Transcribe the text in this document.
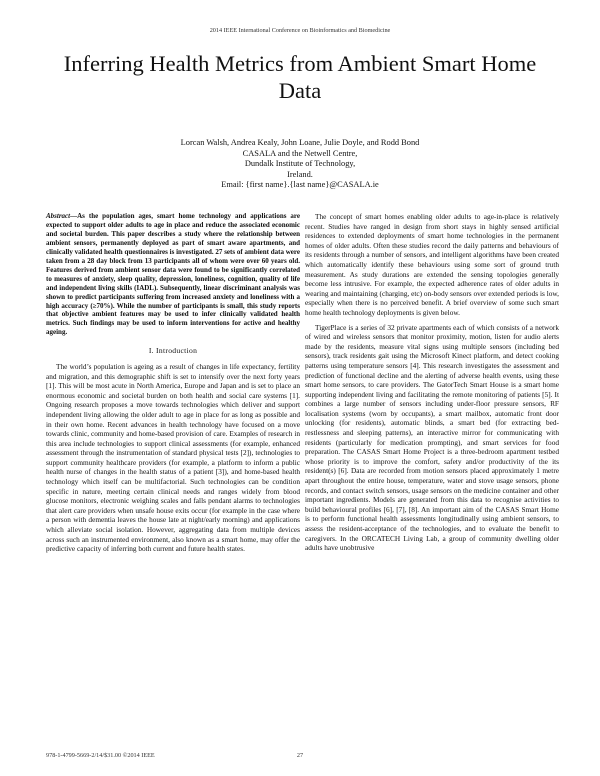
2014 IEEE International Conference on Bioinformatics and Biomedicine
Inferring Health Metrics from Ambient Smart Home Data
Lorcan Walsh, Andrea Kealy, John Loane, Julie Doyle, and Rodd Bond
CASALA and the Netwell Centre,
Dundalk Institute of Technology,
Ireland.
Email: {first name}.{last name}@CASALA.ie

Abstract—As the population ages, smart home technology and applications are expected to support older adults to age in place and reduce the associated economic and societal burden. This paper describes a study where the relationship between ambient sensors, permanently deployed as part of smart aware apartments, and clinically validated health questionnaires is investigated. 27 sets of ambient data were taken from a 28 day block from 13 participants all of whom were over 60 years old. Features derived from ambient sensor data were found to be significantly correlated to measures of anxiety, sleep quality, depression, loneliness, cognition, quality of life and independent living skills (IADL). Subsequently, linear discriminant analysis was shown to predict participants suffering from increased anxiety and loneliness with a high accuracy (≥70%). While the number of participants is small, this study reports that objective ambient features may be used to infer clinically validated health metrics. Such findings may be used to inform interventions for active and healthy ageing.

I. Introduction

The world’s population is ageing as a result of changes in life expectancy, fertility and migration, and this demographic shift is set to intensify over the next forty years [1]. This will be most acute in North America, Europe and Japan and is set to place an enormous economic and societal burden on both health and social care systems [1]. Ongoing research proposes a move towards technologies which deliver and support independent living allowing the older adult to age in place for as long as possible and in their own home. Recent advances in health technology have focused on a move towards clinic, community and home-based provision of care. Examples of research in this area include technologies to support clinical assessments (for example, enhanced assessment through the instrumentation of standard physical tests [2]), technologies to support community healthcare providers (for example, a platform to inform a public health nurse of changes in the health status of a patient [3]), and home-based health technology which itself can be multifactorial. Such technologies can be condition specific in nature, meeting certain clinical needs and ranges widely from blood glucose monitors, electronic weighing scales and falls pendant alarms to technologies that alert care providers when unsafe house exits occur (for example in the case where a person with dementia leaves the house late at night/early morning) and applications which alleviate social isolation. However, aggregating data from multiple devices across such an instrumented environment, also known as a smart home, may offer the predictive capacity of inferring both current and future health states.

The concept of smart homes enabling older adults to age-in-place is relatively recent. Studies have ranged in design from short stays in highly sensed artificial residences to extended deployments of smart home technologies in the permanent homes of older adults. Often these studies record the daily patterns and behaviours of its residents through a number of sensors, and intelligent algorithms have been created which automatically identify these behaviours using some sort of ground truth measurement. As study durations are extended the sensing topologies generally become less intrusive. For example, the expected adherence rates of older adults in wearing and maintaining (charging, etc) on-body sensors over extended periods is low, especially when there is no perceived benefit. A brief overview of some such smart home health technology deployments is given below.

TigerPlace is a series of 32 private apartments each of which consists of a network of wired and wireless sensors that monitor proximity, motion, listen for audio alerts made by the residents, measure vital signs using multiple sensors (including bed sensors), track residents gait using the Microsoft Kinect platform, and detect cooking patterns using temperature sensors [4]. This research investigates the assessment and prediction of functional decline and the alerting of adverse health events, using these smart home sensors, to care providers. The GatorTech Smart House is a smart home supporting independent living and facilitating the remote monitoring of patients [5]. It combines a large number of sensors including under-floor pressure sensors, RF localisation systems (worn by occupants), a smart mailbox, automatic front door unlocking (for residents), automatic blinds, a smart bed (for extracting bed-restlessness and sleeping patterns), an interactive mirror for communicating with residents (particularly for medication prompting), and smart services for food preparation. The CASAS Smart Home Project is a three-bedroom apartment testbed whose priority is to improve the comfort, safety and/or productivity of the its resident(s) [6]. Data are recorded from motion sensors placed approximately 1 metre apart throughout the entire house, temperature, water and stove usage sensors, phone records, and contact switch sensors, usage sensors on the medicine container and other important ingredients. Models are generated from this data to recognise activities to build behavioural profiles [6], [7], [8]. An important aim of the CASAS Smart Home is to perform functional health assessments longitudinally using ambient sensors, to assess the resident-acceptance of the technologies, and to evaluate the benefit to caregivers. In the ORCATECH Living Lab, a group of community dwelling older adults have unobtrusive

978-1-4799-5669-2/14/$31.00 ©2014 IEEE	27
